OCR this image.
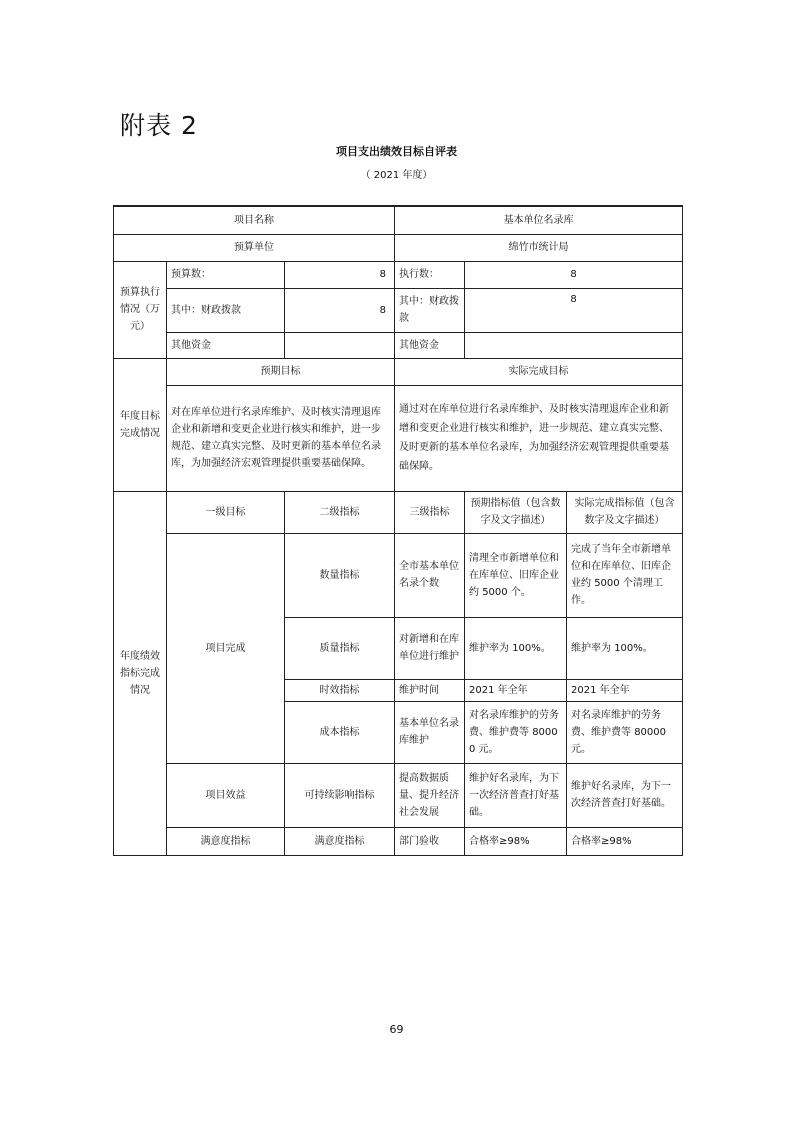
附表 2
项目支出绩效目标自评表
（ 2021 年度）
项目名称			基本单位名录库		
预算单位			绵竹市统计局		
预算执行情况（万元）	预算数：	8	执行数：	8	
	其中：财政拨款	8	其中：财政拨款	8	
	其他资金		其他资金		
年度目标完成情况	预期目标		实际完成目标		
	对在库单位进行名录库维护、及时核实清理退库企业和新增和变更企业进行核实和维护，进一步规范、建立真实完整、及时更新的基本单位名录库，为加强经济宏观管理提供重要基础保障。		通过对在库单位进行名录库维护、及时核实清理退库企业和新增和变更企业进行核实和维护，进一步规范、建立真实完整、及时更新的基本单位名录库，为加强经济宏观管理提供重要基础保障。		
年度绩效指标完成情况	一级目标	二级指标	三级指标	预期指标值（包含数字及文字描述）	实际完成指标值（包含数字及文字描述）
	项目完成	数量指标	全市基本单位名录个数	清理全市新增单位和在库单位、旧库企业约 5000 个。	完成了当年全市新增单位和在库单位、旧库企业约 5000 个清理工作。
		质量指标	对新增和在库单位进行维护	维护率为 100%。	维护率为 100%。
		时效指标	维护时间	2021 年全年	2021 年全年
		成本指标	基本单位名录库维护	对名录库维护的劳务费、维护费等 80000 元。	对名录库维护的劳务费、维护费等 80000 元。
	项目效益	可持续影响指标	提高数据质量、提升经济社会发展	维护好名录库，为下一次经济普查打好基础。	维护好名录库，为下一次经济普查打好基础。
	满意度指标	满意度指标	部门验收	合格率≥98%	合格率≥98%
69
